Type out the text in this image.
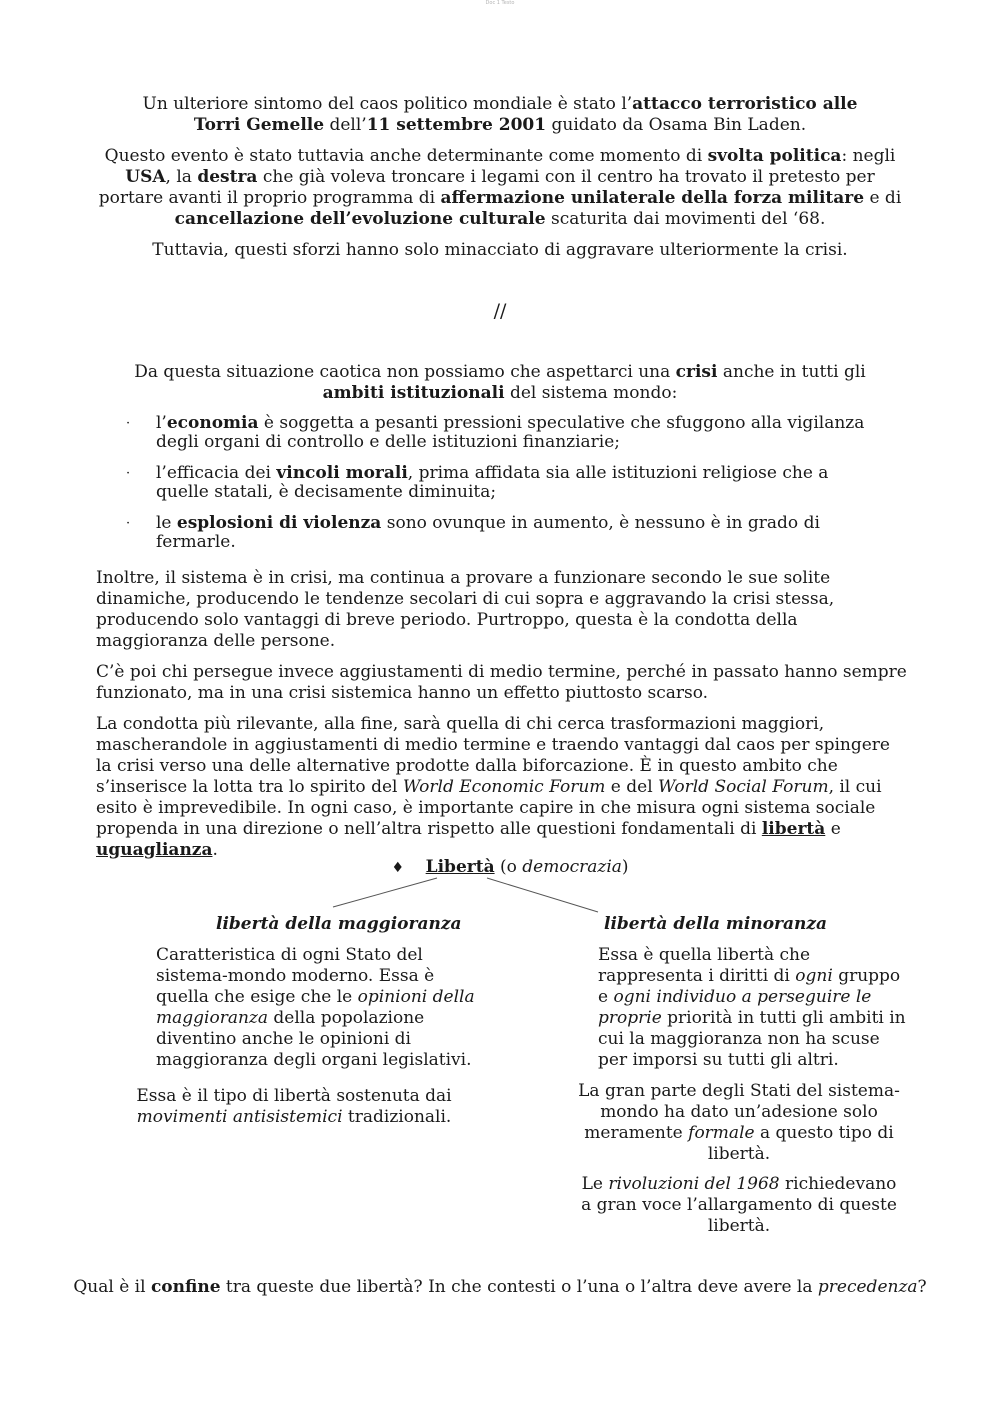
Doc 1 Testo

Un ulteriore sintomo del caos politico mondiale è stato l’attacco terroristico alle Torri Gemelle dell’11 settembre 2001 guidato da Osama Bin Laden.

Questo evento è stato tuttavia anche determinante come momento di svolta politica: negli USA, la destra che già voleva troncare i legami con il centro ha trovato il pretesto per portare avanti il proprio programma di affermazione unilaterale della forza militare e di cancellazione dell’evoluzione culturale scaturita dai movimenti del ‘68.

Tuttavia, questi sforzi hanno solo minacciato di aggravare ulteriormente la crisi.

//
Da questa situazione caotica non possiamo che aspettarci una crisi anche in tutti gli ambiti istituzionali del sistema mondo:
· l’economia è soggetta a pesanti pressioni speculative che sfuggono alla vigilanza degli organi di controllo e delle istituzioni finanziarie;
· l’efficacia dei vincoli morali, prima affidata sia alle istituzioni religiose che a quelle statali, è decisamente diminuita;
· le esplosioni di violenza sono ovunque in aumento, è nessuno è in grado di fermarle.

Inoltre, il sistema è in crisi, ma continua a provare a funzionare secondo le sue solite dinamiche, producendo le tendenze secolari di cui sopra e aggravando la crisi stessa, producendo solo vantaggi di breve periodo. Purtroppo, questa è la condotta della maggioranza delle persone.

C’è poi chi persegue invece aggiustamenti di medio termine, perché in passato hanno sempre funzionato, ma in una crisi sistemica hanno un effetto piuttosto scarso.

La condotta più rilevante, alla fine, sarà quella di chi cerca trasformazioni maggiori, mascherandole in aggiustamenti di medio termine e traendo vantaggi dal caos per spingere la crisi verso una delle alternative prodotte dalla biforcazione. È in questo ambito che s’inserisce la lotta tra lo spirito del World Economic Forum e del World Social Forum, il cui esito è imprevedibile. In ogni caso, è importante capire in che misura ogni sistema sociale propenda in una direzione o nell’altra rispetto alle questioni fondamentali di libertà e uguaglianza.

♦ Libertà (o democrazia)
libertà della maggioranza	libertà della minoranza
Caratteristica di ogni Stato del sistema-mondo moderno. Essa è quella che esige che le opinioni della maggioranza della popolazione diventino anche le opinioni di maggioranza degli organi legislativi.
Essa è il tipo di libertà sostenuta dai movimenti antisistemici tradizionali.
Essa è quella libertà che rappresenta i diritti di ogni gruppo e ogni individuo a perseguire le proprie priorità in tutti gli ambiti in cui la maggioranza non ha scuse per imporsi su tutti gli altri.
La gran parte degli Stati del sistema-mondo ha dato un’adesione solo meramente formale a questo tipo di libertà.
Le rivoluzioni del 1968 richiedevano a gran voce l’allargamento di queste libertà.
Qual è il confine tra queste due libertà? In che contesti o l’una o l’altra deve avere la precedenza?
